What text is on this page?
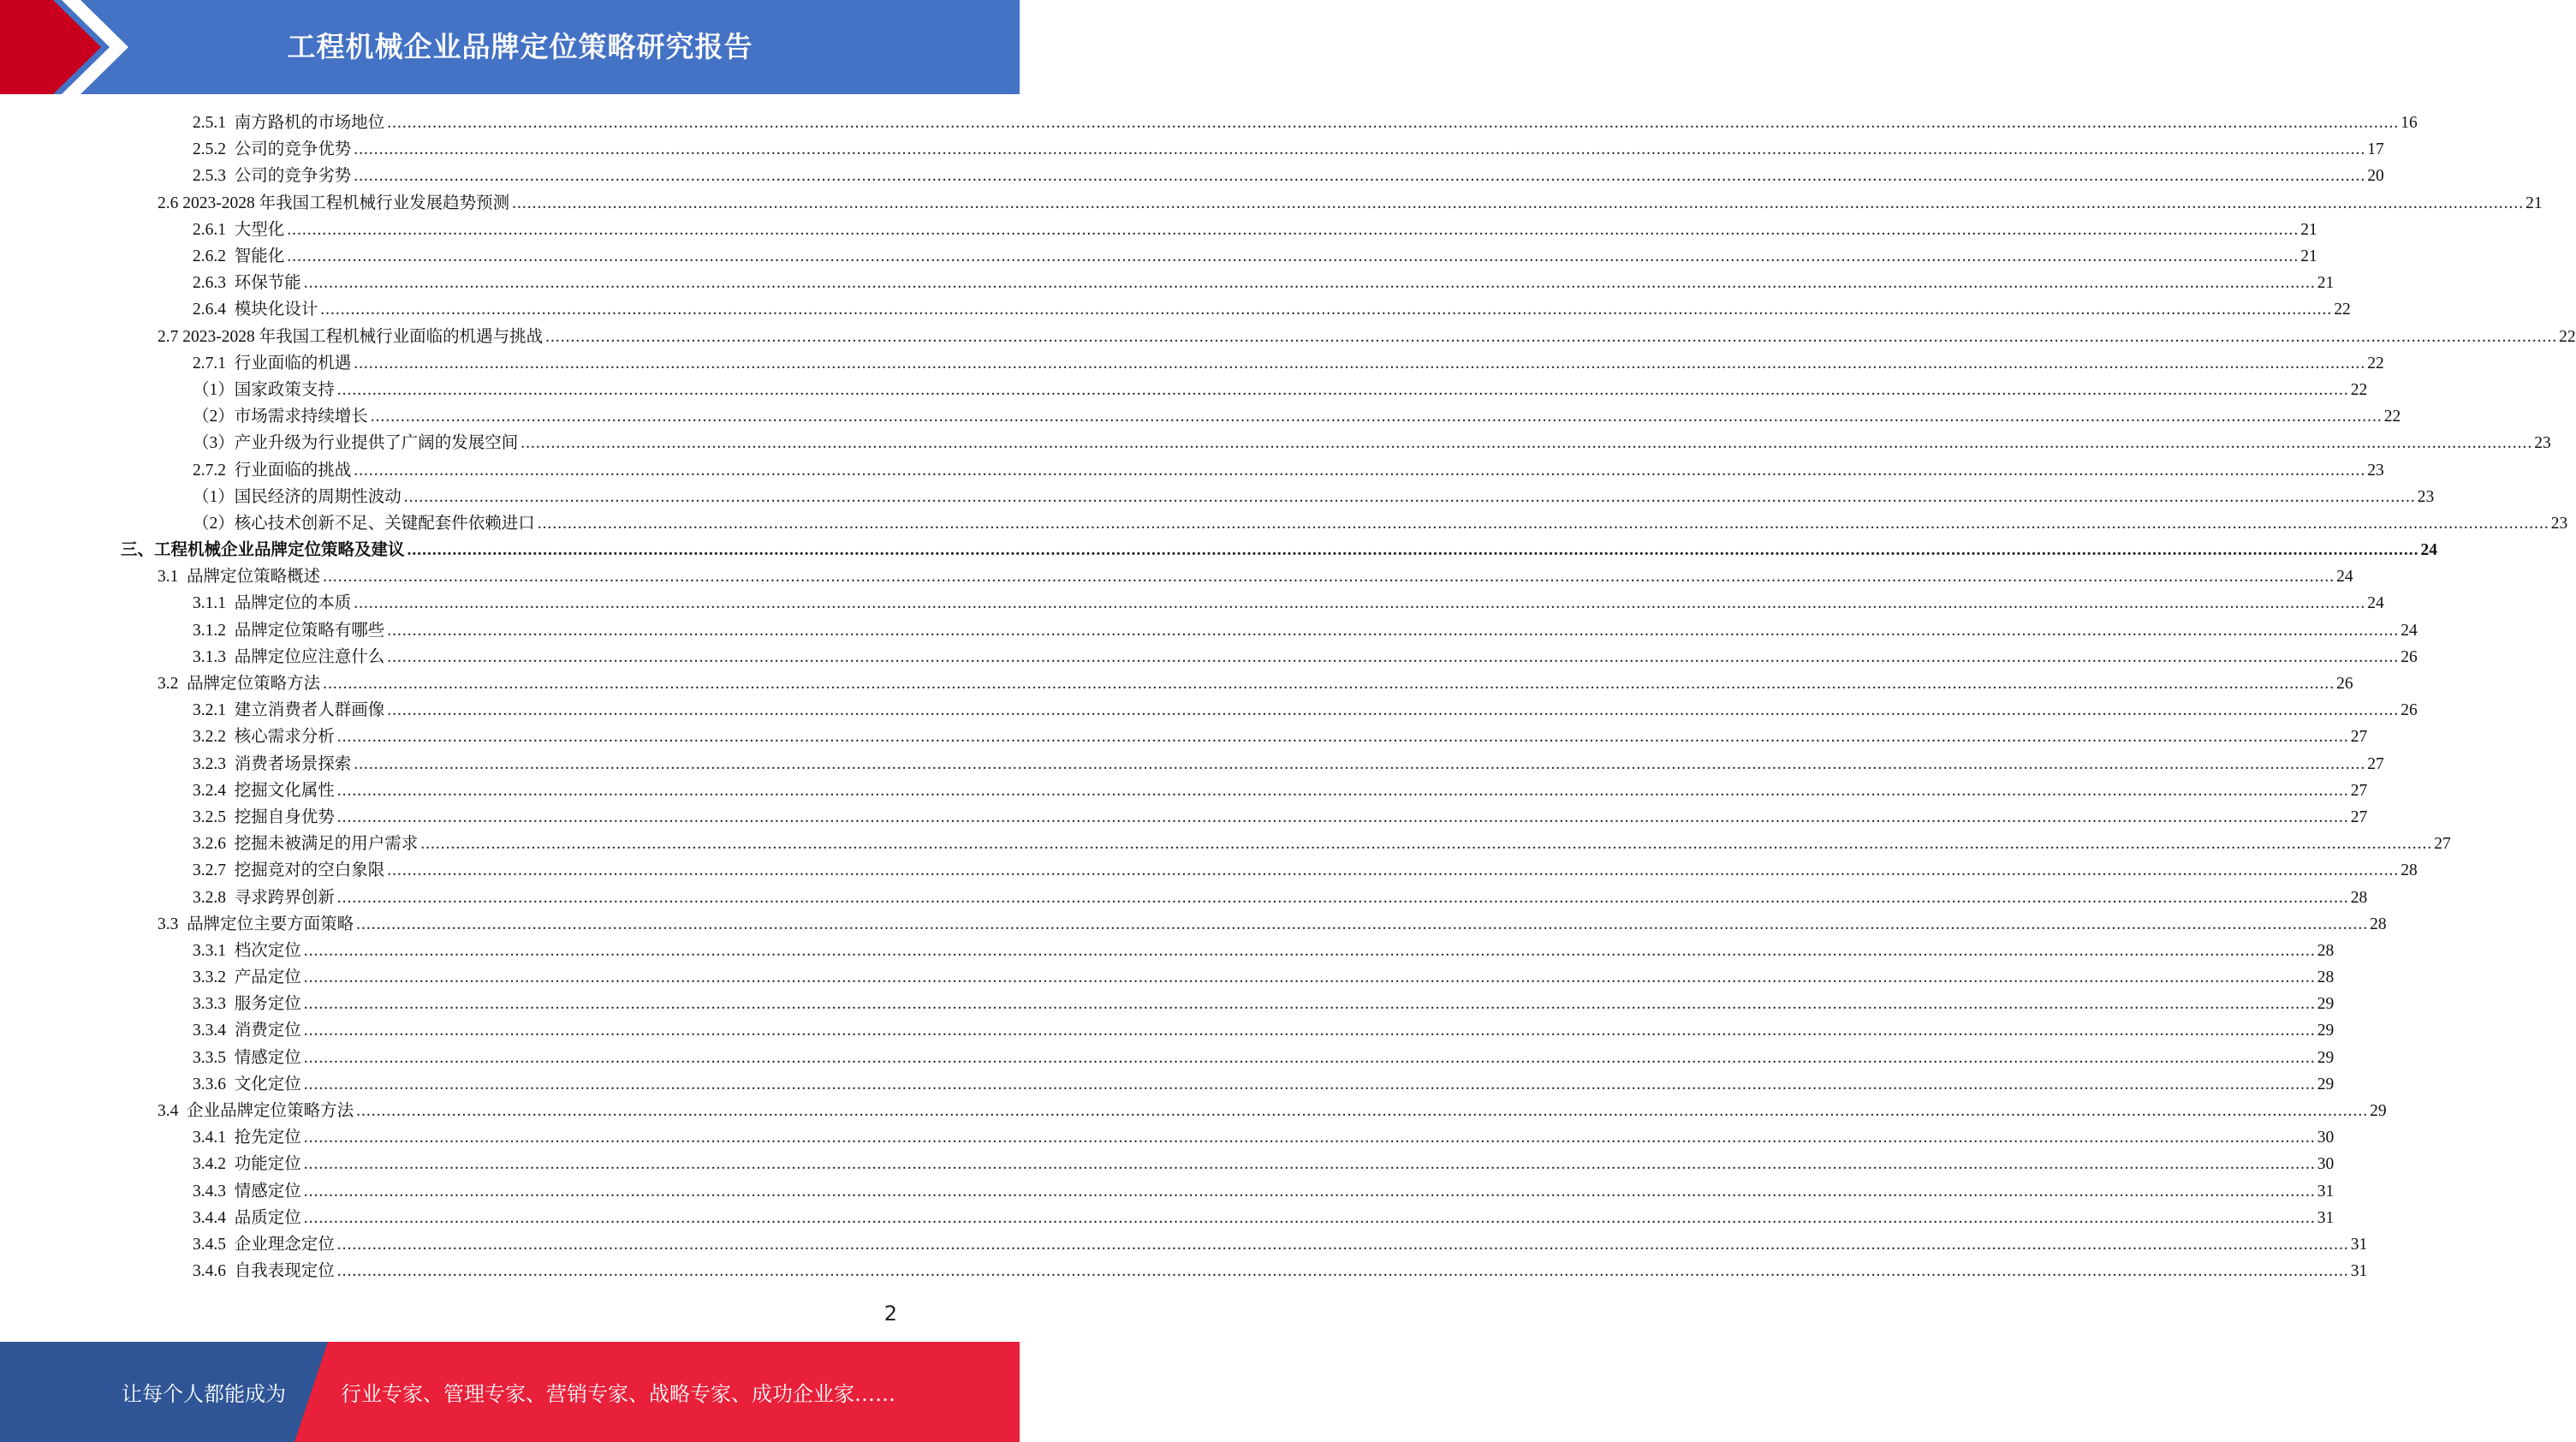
工程机械企业品牌定位策略研究报告
2.5.1  南方路机的市场地位 ................................................................................................................................................................................................................................................................................................................................................................................................................ 16
2.5.2  公司的竞争优势 ................................................................................................................................................................................................................................................................................................................................................................................................................ 17
2.5.3  公司的竞争劣势 ................................................................................................................................................................................................................................................................................................................................................................................................................ 20
2.6 2023-2028 年我国工程机械行业发展趋势预测 ................................................................................................................................................................................................................................................................................................................................................................................................................ 21
2.6.1  大型化 ................................................................................................................................................................................................................................................................................................................................................................................................................ 21
2.6.2  智能化 ................................................................................................................................................................................................................................................................................................................................................................................................................ 21
2.6.3  环保节能 ................................................................................................................................................................................................................................................................................................................................................................................................................ 21
2.6.4  模块化设计 ................................................................................................................................................................................................................................................................................................................................................................................................................ 22
2.7 2023-2028 年我国工程机械行业面临的机遇与挑战 ................................................................................................................................................................................................................................................................................................................................................................................................................ 22
2.7.1  行业面临的机遇 ................................................................................................................................................................................................................................................................................................................................................................................................................ 22
（1）国家政策支持 ................................................................................................................................................................................................................................................................................................................................................................................................................ 22
（2）市场需求持续增长 ................................................................................................................................................................................................................................................................................................................................................................................................................ 22
（3）产业升级为行业提供了广阔的发展空间 ................................................................................................................................................................................................................................................................................................................................................................................................................ 23
2.7.2  行业面临的挑战 ................................................................................................................................................................................................................................................................................................................................................................................................................ 23
（1）国民经济的周期性波动 ................................................................................................................................................................................................................................................................................................................................................................................................................ 23
（2）核心技术创新不足、关键配套件依赖进口 ................................................................................................................................................................................................................................................................................................................................................................................................................ 23
三、工程机械企业品牌定位策略及建议 ................................................................................................................................................................................................................................................................................................................................................................................................................ 24
3.1  品牌定位策略概述 ................................................................................................................................................................................................................................................................................................................................................................................................................ 24
3.1.1  品牌定位的本质 ................................................................................................................................................................................................................................................................................................................................................................................................................ 24
3.1.2  品牌定位策略有哪些 ................................................................................................................................................................................................................................................................................................................................................................................................................ 24
3.1.3  品牌定位应注意什么 ................................................................................................................................................................................................................................................................................................................................................................................................................ 26
3.2  品牌定位策略方法 ................................................................................................................................................................................................................................................................................................................................................................................................................ 26
3.2.1  建立消费者人群画像 ................................................................................................................................................................................................................................................................................................................................................................................................................ 26
3.2.2  核心需求分析 ................................................................................................................................................................................................................................................................................................................................................................................................................ 27
3.2.3  消费者场景探索 ................................................................................................................................................................................................................................................................................................................................................................................................................ 27
3.2.4  挖掘文化属性 ................................................................................................................................................................................................................................................................................................................................................................................................................ 27
3.2.5  挖掘自身优势 ................................................................................................................................................................................................................................................................................................................................................................................................................ 27
3.2.6  挖掘未被满足的用户需求 ................................................................................................................................................................................................................................................................................................................................................................................................................ 27
3.2.7  挖掘竞对的空白象限 ................................................................................................................................................................................................................................................................................................................................................................................................................ 28
3.2.8  寻求跨界创新 ................................................................................................................................................................................................................................................................................................................................................................................................................ 28
3.3  品牌定位主要方面策略 ................................................................................................................................................................................................................................................................................................................................................................................................................ 28
3.3.1  档次定位 ................................................................................................................................................................................................................................................................................................................................................................................................................ 28
3.3.2  产品定位 ................................................................................................................................................................................................................................................................................................................................................................................................................ 28
3.3.3  服务定位 ................................................................................................................................................................................................................................................................................................................................................................................................................ 29
3.3.4  消费定位 ................................................................................................................................................................................................................................................................................................................................................................................................................ 29
3.3.5  情感定位 ................................................................................................................................................................................................................................................................................................................................................................................................................ 29
3.3.6  文化定位 ................................................................................................................................................................................................................................................................................................................................................................................................................ 29
3.4  企业品牌定位策略方法 ................................................................................................................................................................................................................................................................................................................................................................................................................ 29
3.4.1  抢先定位 ................................................................................................................................................................................................................................................................................................................................................................................................................ 30
3.4.2  功能定位 ................................................................................................................................................................................................................................................................................................................................................................................................................ 30
3.4.3  情感定位 ................................................................................................................................................................................................................................................................................................................................................................................................................ 31
3.4.4  品质定位 ................................................................................................................................................................................................................................................................................................................................................................................................................ 31
3.4.5  企业理念定位 ................................................................................................................................................................................................................................................................................................................................................................................................................ 31
3.4.6  自我表现定位 ................................................................................................................................................................................................................................................................................................................................................................................................................ 31
2
让每个人都能成为	行业专家、管理专家、营销专家、战略专家、成功企业家……
